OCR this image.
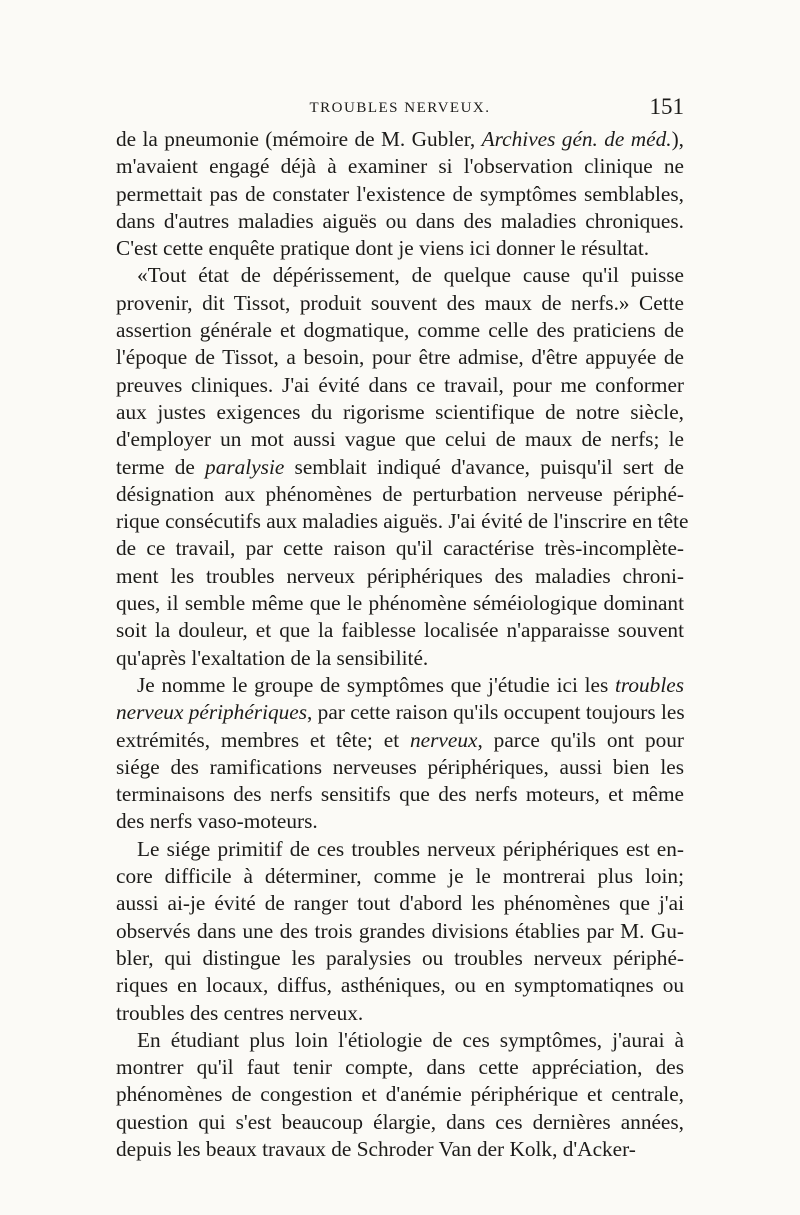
TROUBLES NERVEUX.	151
de la pneumonie (mémoire de M. Gubler, Archives gén. de méd.),
m'avaient engagé déjà à examiner si l'observation clinique ne
permettait pas de constater l'existence de symptômes semblables,
dans d'autres maladies aiguës ou dans des maladies chroniques.
C'est cette enquête pratique dont je viens ici donner le résultat.
«Tout état de dépérissement, de quelque cause qu'il puisse
provenir, dit Tissot, produit souvent des maux de nerfs.» Cette
assertion générale et dogmatique, comme celle des praticiens de
l'époque de Tissot, a besoin, pour être admise, d'être appuyée de
preuves cliniques. J'ai évité dans ce travail, pour me conformer
aux justes exigences du rigorisme scientifique de notre siècle,
d'employer un mot aussi vague que celui de maux de nerfs; le
terme de paralysie semblait indiqué d'avance, puisqu'il sert de
désignation aux phénomènes de perturbation nerveuse périphé-
rique consécutifs aux maladies aiguës. J'ai évité de l'inscrire en tête
de ce travail, par cette raison qu'il caractérise très-incomplète-
ment les troubles nerveux périphériques des maladies chroni-
ques, il semble même que le phénomène séméiologique dominant
soit la douleur, et que la faiblesse localisée n'apparaisse souvent
qu'après l'exaltation de la sensibilité.
Je nomme le groupe de symptômes que j'étudie ici les troubles
nerveux périphériques, par cette raison qu'ils occupent toujours les
extrémités, membres et tête; et nerveux, parce qu'ils ont pour
siége des ramifications nerveuses périphériques, aussi bien les
terminaisons des nerfs sensitifs que des nerfs moteurs, et même
des nerfs vaso-moteurs.
Le siége primitif de ces troubles nerveux périphériques est en-
core difficile à déterminer, comme je le montrerai plus loin;
aussi ai-je évité de ranger tout d'abord les phénomènes que j'ai
observés dans une des trois grandes divisions établies par M. Gu-
bler, qui distingue les paralysies ou troubles nerveux périphé-
riques en locaux, diffus, asthéniques, ou en symptomatiqnes ou
troubles des centres nerveux.
En étudiant plus loin l'étiologie de ces symptômes, j'aurai à
montrer qu'il faut tenir compte, dans cette appréciation, des
phénomènes de congestion et d'anémie périphérique et centrale,
question qui s'est beaucoup élargie, dans ces dernières années,
depuis les beaux travaux de Schroder Van der Kolk, d'Acker-
